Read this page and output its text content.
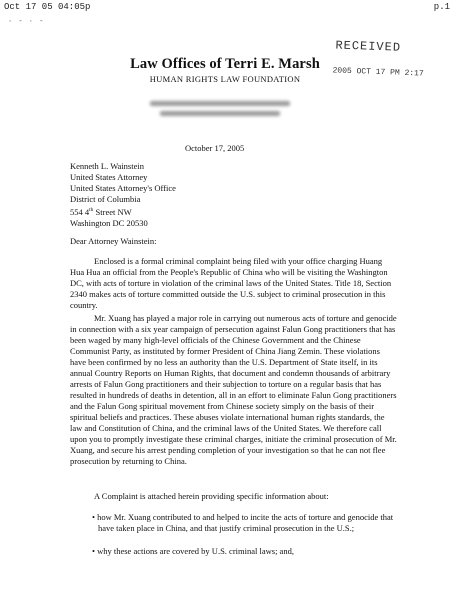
Oct 17 05 04:05p	p.1
· - · -
RECEIVED
2005 OCT 17 PM 2:17
Law Offices of Terri E. Marsh
HUMAN RIGHTS LAW FOUNDATION
October 17, 2005
Kenneth L. Wainstein
United States Attorney
United States Attorney's Office
District of Columbia
554 4th Street NW
Washington DC 20530
Dear Attorney Wainstein:

Enclosed is a formal criminal complaint being filed with your office charging Huang Hua Hua an official from the People's Republic of China who will be visiting the Washington DC, with acts of torture in violation of the criminal laws of the United States. Title 18, Section 2340 makes acts of torture committed outside the U.S. subject to criminal prosecution in this country.

Mr. Xuang has played a major role in carrying out numerous acts of torture and genocide in connection with a six year campaign of persecution against Falun Gong practitioners that has been waged by many high-level officials of the Chinese Government and the Chinese Communist Party, as instituted by former President of China Jiang Zemin. These violations have been confirmed by no less an authority than the U.S. Department of State itself, in its annual Country Reports on Human Rights, that document and condemn thousands of arbitrary arrests of Falun Gong practitioners and their subjection to torture on a regular basis that has resulted in hundreds of deaths in detention, all in an effort to eliminate Falun Gong practitioners and the Falun Gong spiritual movement from Chinese society simply on the basis of their spiritual beliefs and practices. These abuses violate international human rights standards, the law and Constitution of China, and the criminal laws of the United States. We therefore call upon you to promptly investigate these criminal charges, initiate the criminal prosecution of Mr. Xuang, and secure his arrest pending completion of your investigation so that he can not flee prosecution by returning to China.

A Complaint is attached herein providing specific information about:

• how Mr. Xuang contributed to and helped to incite the acts of torture and genocide that have taken place in China, and that justify criminal prosecution in the U.S.;
• why these actions are covered by U.S. criminal laws; and,
